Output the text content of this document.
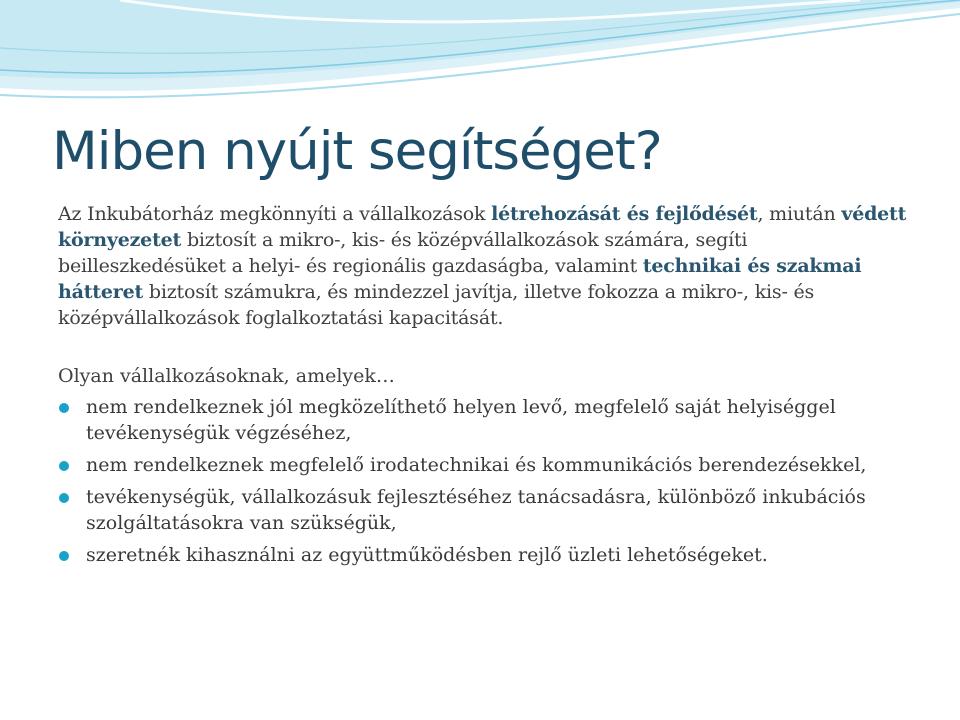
Miben nyújt segítséget?

Az Inkubátorház megkönnyíti a vállalkozások létrehozását és fejlődését, miután védett környezetet biztosít a mikro-, kis- és középvállalkozások számára, segíti beilleszkedésüket a helyi- és regionális gazdaságba, valamint technikai és szakmai hátteret biztosít számukra, és mindezzel javítja, illetve fokozza a mikro-, kis- és középvállalkozások foglalkoztatási kapacitását.

Olyan vállalkozásoknak, amelyek…

nem rendelkeznek jól megközelíthető helyen levő, megfelelő saját helyiséggel tevékenységük végzéséhez,
nem rendelkeznek megfelelő irodatechnikai és kommunikációs berendezésekkel,
tevékenységük, vállalkozásuk fejlesztéséhez tanácsadásra, különböző inkubációs szolgáltatásokra van szükségük,
szeretnék kihasználni az együttműködésben rejlő üzleti lehetőségeket.
